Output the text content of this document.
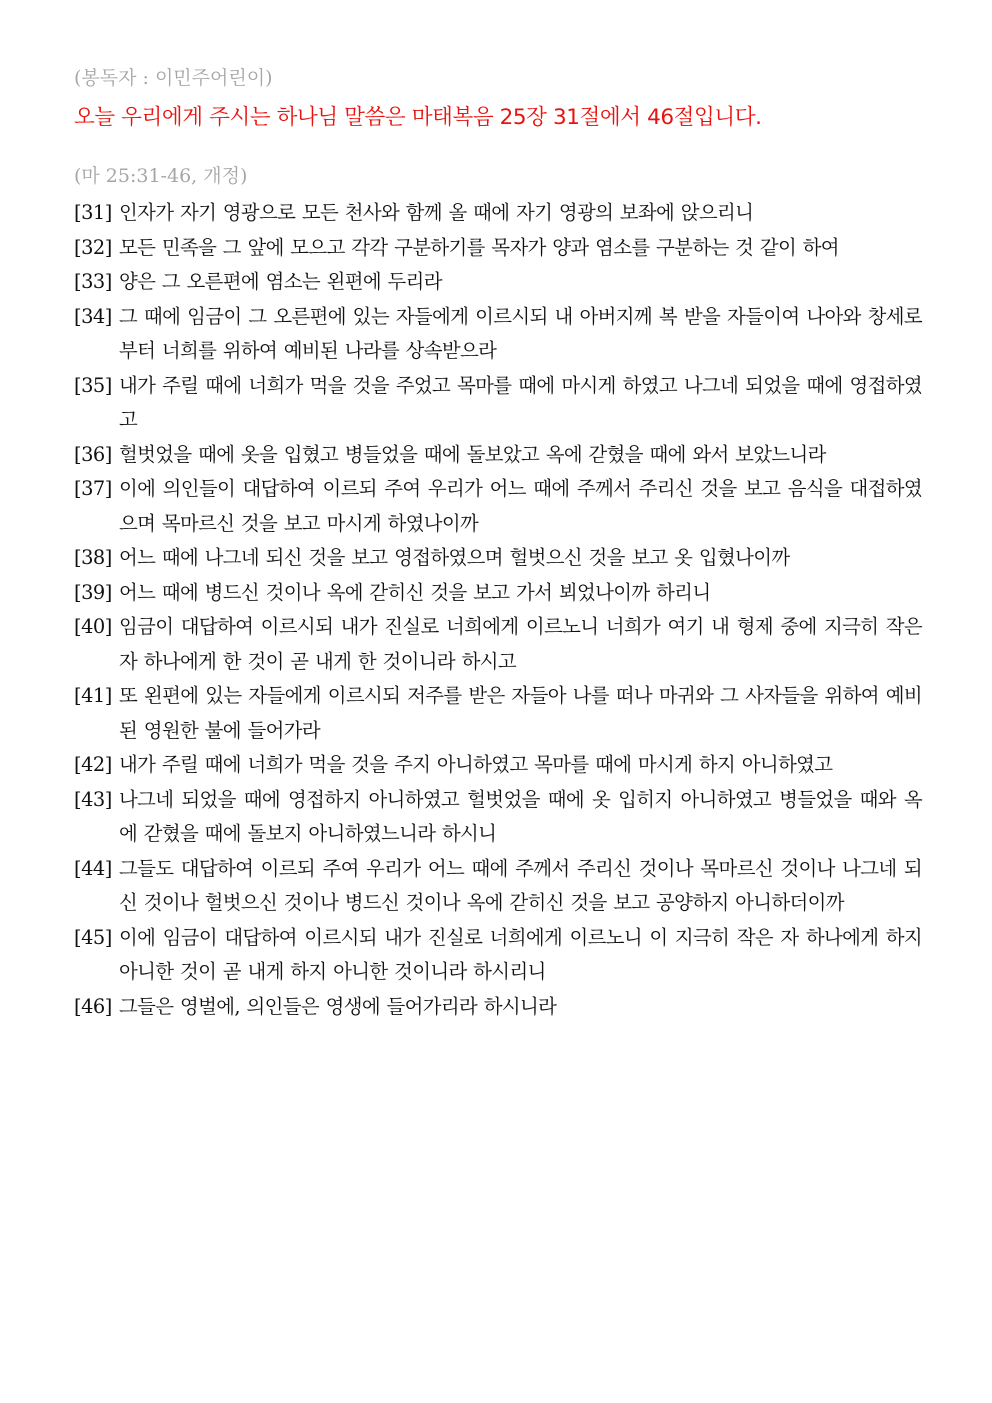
(봉독자 : 이민주어린이)
오늘 우리에게 주시는 하나님 말씀은 마태복음 25장 31절에서 46절입니다.
(마 25:31-46, 개정)
[31] 인자가 자기 영광으로 모든 천사와 함께 올 때에 자기 영광의 보좌에 앉으리니
[32] 모든 민족을 그 앞에 모으고 각각 구분하기를 목자가 양과 염소를 구분하는 것 같이 하여
[33] 양은 그 오른편에 염소는 왼편에 두리라
[34] 그 때에 임금이 그 오른편에 있는 자들에게 이르시되 내 아버지께 복 받을 자들이여 나아와 창세로부터 너희를 위하여 예비된 나라를 상속받으라
[35] 내가 주릴 때에 너희가 먹을 것을 주었고 목마를 때에 마시게 하였고 나그네 되었을 때에 영접하였고
[36] 헐벗었을 때에 옷을 입혔고 병들었을 때에 돌보았고 옥에 갇혔을 때에 와서 보았느니라
[37] 이에 의인들이 대답하여 이르되 주여 우리가 어느 때에 주께서 주리신 것을 보고 음식을 대접하였으며 목마르신 것을 보고 마시게 하였나이까
[38] 어느 때에 나그네 되신 것을 보고 영접하였으며 헐벗으신 것을 보고 옷 입혔나이까
[39] 어느 때에 병드신 것이나 옥에 갇히신 것을 보고 가서 뵈었나이까 하리니
[40] 임금이 대답하여 이르시되 내가 진실로 너희에게 이르노니 너희가 여기 내 형제 중에 지극히 작은 자 하나에게 한 것이 곧 내게 한 것이니라 하시고
[41] 또 왼편에 있는 자들에게 이르시되 저주를 받은 자들아 나를 떠나 마귀와 그 사자들을 위하여 예비된 영원한 불에 들어가라
[42] 내가 주릴 때에 너희가 먹을 것을 주지 아니하였고 목마를 때에 마시게 하지 아니하였고
[43] 나그네 되었을 때에 영접하지 아니하였고 헐벗었을 때에 옷 입히지 아니하였고 병들었을 때와 옥에 갇혔을 때에 돌보지 아니하였느니라 하시니
[44] 그들도 대답하여 이르되 주여 우리가 어느 때에 주께서 주리신 것이나 목마르신 것이나 나그네 되신 것이나 헐벗으신 것이나 병드신 것이나 옥에 갇히신 것을 보고 공양하지 아니하더이까
[45] 이에 임금이 대답하여 이르시되 내가 진실로 너희에게 이르노니 이 지극히 작은 자 하나에게 하지 아니한 것이 곧 내게 하지 아니한 것이니라 하시리니
[46] 그들은 영벌에, 의인들은 영생에 들어가리라 하시니라
